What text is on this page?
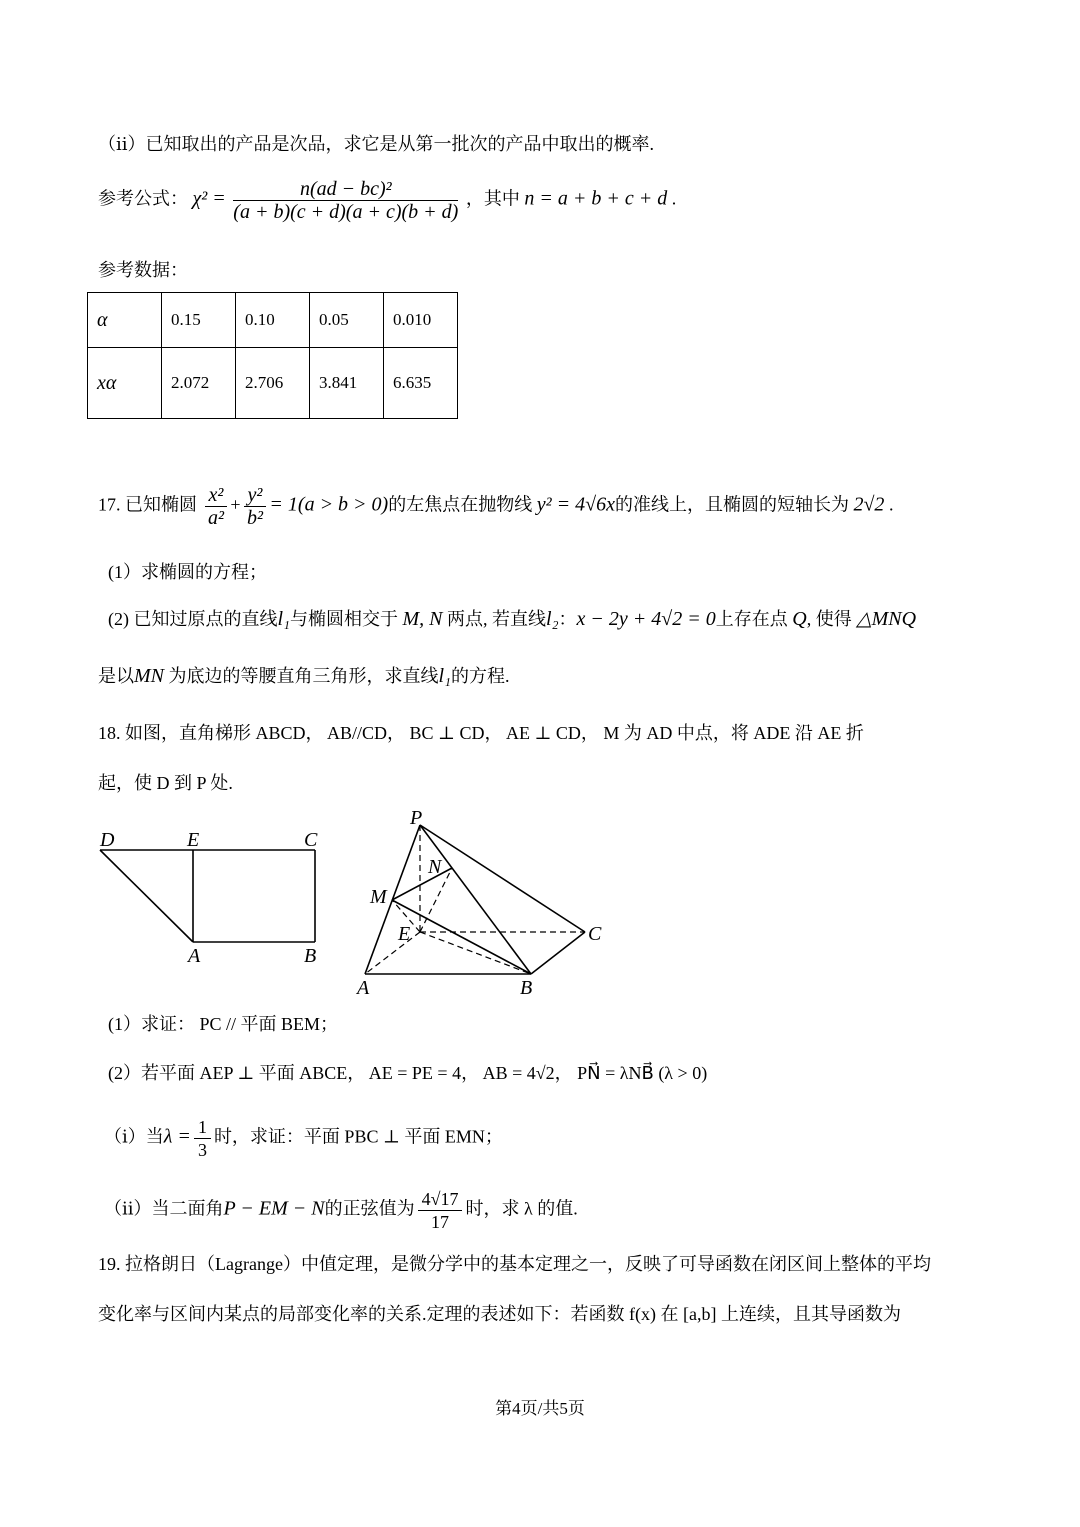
（ⅱ）已知取出的产品是次品，求它是从第一批次的产品中取出的概率.
参考公式： $\chi^2 = \frac{\text{n(ad − bc)²}}{(a + b)(c + d)(a + c)(b + d)}$ ，其中 n = a + b + c + d .
参考数据：
α	0.15	0.10	0.05	0.010
xα	2.072	2.706	3.841	6.635
17. 已知椭圆 $\frac{\text{x²}}{\text{a²}} + \frac{\text{y²}}{\text{b²}} = 1(a > b > 0)$的左焦点在抛物线 y² = 4√6x的准线上，且椭圆的短轴长为 2√2 .
(1）求椭圆的方程；
(2) 已知过原点的直线l₁与椭圆相交于 M, N 两点, 若直线l₂：x − 2y + 4√2 = 0上存在点 Q, 使得 △MNQ
是以MN 为底边的等腰直角三角形，求直线l₁的方程.
18. 如图，直角梯形 ABCD， AB//CD， BC ⊥ CD， AE ⊥ CD， M 为 AD 中点，将 ADE 沿 AE 折
起，使 D 到 P 处.
D	E	C
A	B
P
N
M
E	C
A	B
(1）求证： PC // 平面 BEM；
(2）若平面 AEP ⊥ 平面 ABCE， AE = PE = 4， AB = 4√2， PN⃗ = λNB⃗ (λ > 0)
（ⅰ）当$\lambda = \frac{1}{3}$ 时，求证：平面 PBC ⊥ 平面 EMN；
（ⅱ）当二面角P − EM − N的正弦值为 $\frac{4√17}{17}$ 时，求 λ 的值.
19. 拉格朗日（Lagrange）中值定理，是微分学中的基本定理之一，反映了可导函数在闭区间上整体的平均
变化率与区间内某点的局部变化率的关系.定理的表述如下：若函数 f(x) 在 [a,b] 上连续，且其导函数为
第4页/共5页
